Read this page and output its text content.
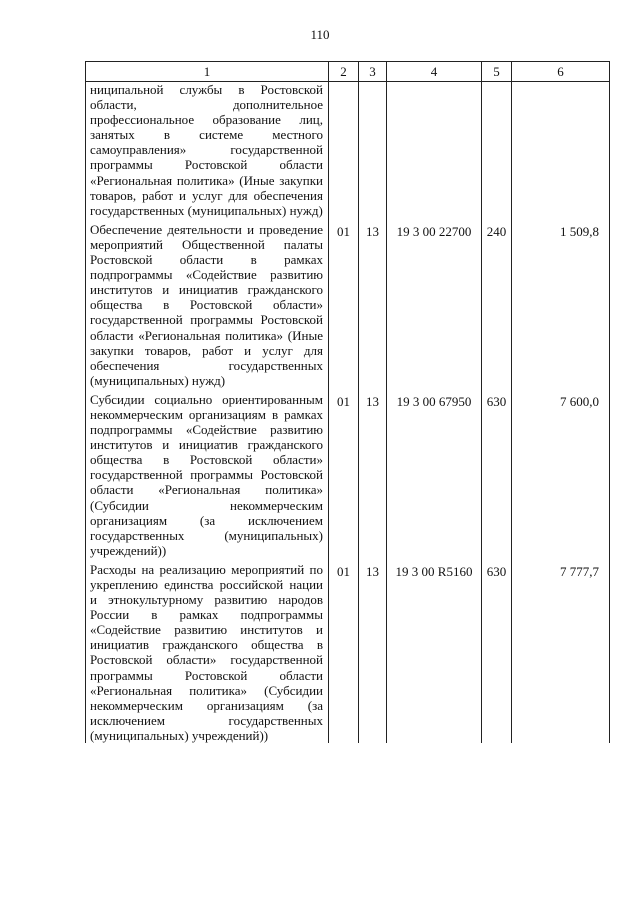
110
1	2	3	4	5	6
ниципальной службы в Ростовской области, дополнительное профессиональное образование лиц, занятых в системе местного самоуправления» государственной программы Ростовской области «Региональная политика» (Иные закупки товаров, работ и услуг для обеспечения государственных (муниципальных) нужд)					

Обеспечение деятельности и проведение мероприятий Общественной палаты Ростовской области в рамках подпрограммы «Содействие развитию институтов и инициатив гражданского общества в Ростовской области» государственной программы Ростовской области «Региональная политика» (Иные закупки товаров, работ и услуг для обеспечения государственных (муниципальных) нужд)	01	13	19 3 00 22700	240	1 509,8

Субсидии социально ориентированным некоммерческим организациям в рамках подпрограммы «Содействие развитию институтов и инициатив гражданского общества в Ростовской области» государственной программы Ростовской области «Региональная политика» (Субсидии некоммерческим организациям (за исключением государственных (муниципальных) учреждений))	01	13	19 3 00 67950	630	7 600,0

Расходы на реализацию мероприятий по укреплению единства российской нации и этнокультурному развитию народов России в рамках подпрограммы «Содействие развитию институтов и инициатив гражданского общества в Ростовской области» государственной программы Ростовской области «Региональная политика» (Субсидии некоммерческим организациям (за исключением государственных (муниципальных) учреждений))	01	13	19 3 00 R5160	630	7 777,7
